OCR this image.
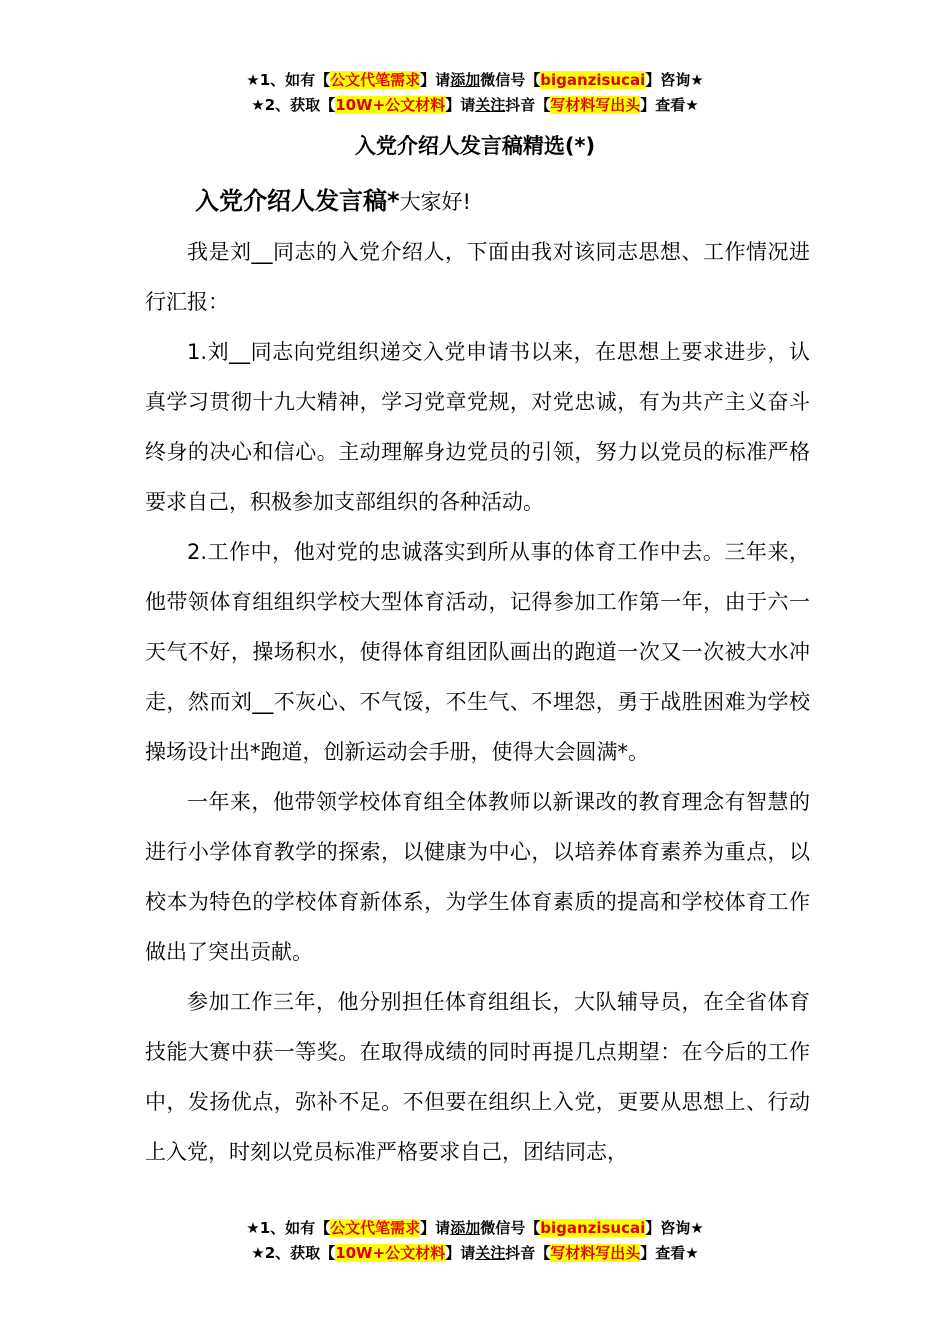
★1、如有【公文代笔需求】请添加微信号【biganzisucai】咨询★
★2、获取【10W+公文材料】请关注抖音【写材料写出头】查看★
入党介绍人发言稿精选(*)

入党介绍人发言稿*大家好!

我是刘__同志的入党介绍人，下面由我对该同志思想、工作情况进行汇报：

1.刘__同志向党组织递交入党申请书以来，在思想上要求进步，认真学习贯彻十九大精神，学习党章党规，对党忠诚，有为共产主义奋斗终身的决心和信心。主动理解身边党员的引领，努力以党员的标准严格要求自己，积极参加支部组织的各种活动。

2.工作中，他对党的忠诚落实到所从事的体育工作中去。三年来，他带领体育组组织学校大型体育活动，记得参加工作第一年，由于六一天气不好，操场积水，使得体育组团队画出的跑道一次又一次被大水冲走，然而刘__不灰心、不气馁，不生气、不埋怨，勇于战胜困难为学校操场设计出*跑道，创新运动会手册，使得大会圆满*。

一年来，他带领学校体育组全体教师以新课改的教育理念有智慧的进行小学体育教学的探索，以健康为中心，以培养体育素养为重点，以校本为特色的学校体育新体系，为学生体育素质的提高和学校体育工作做出了突出贡献。

参加工作三年，他分别担任体育组组长，大队辅导员，在全省体育技能大赛中获一等奖。在取得成绩的同时再提几点期望：在今后的工作中，发扬优点，弥补不足。不但要在组织上入党，更要从思想上、行动上入党，时刻以党员标准严格要求自己，团结同志，

★1、如有【公文代笔需求】请添加微信号【biganzisucai】咨询★
★2、获取【10W+公文材料】请关注抖音【写材料写出头】查看★
